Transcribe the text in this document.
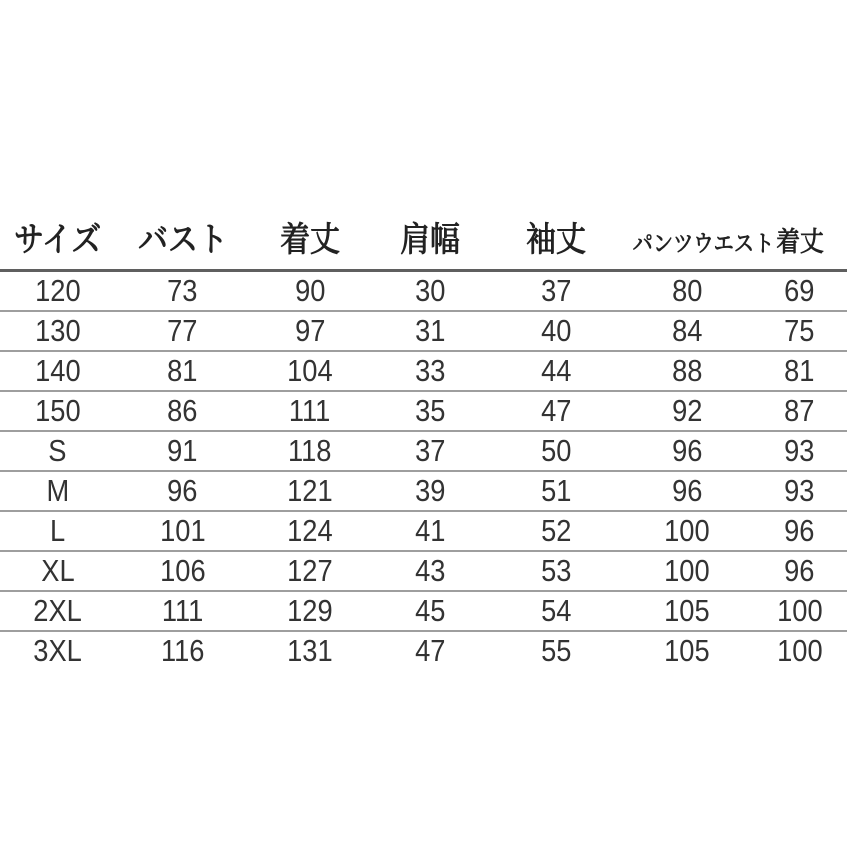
サイズ	バスト	着丈	肩幅	袖丈	パンツウエスト	着丈
120	73	90	30	37	80	69
130	77	97	31	40	84	75
140	81	104	33	44	88	81
150	86	111	35	47	92	87
S	91	118	37	50	96	93
M	96	121	39	51	96	93
L	101	124	41	52	100	96
XL	106	127	43	53	100	96
2XL	111	129	45	54	105	100
3XL	116	131	47	55	105	100
